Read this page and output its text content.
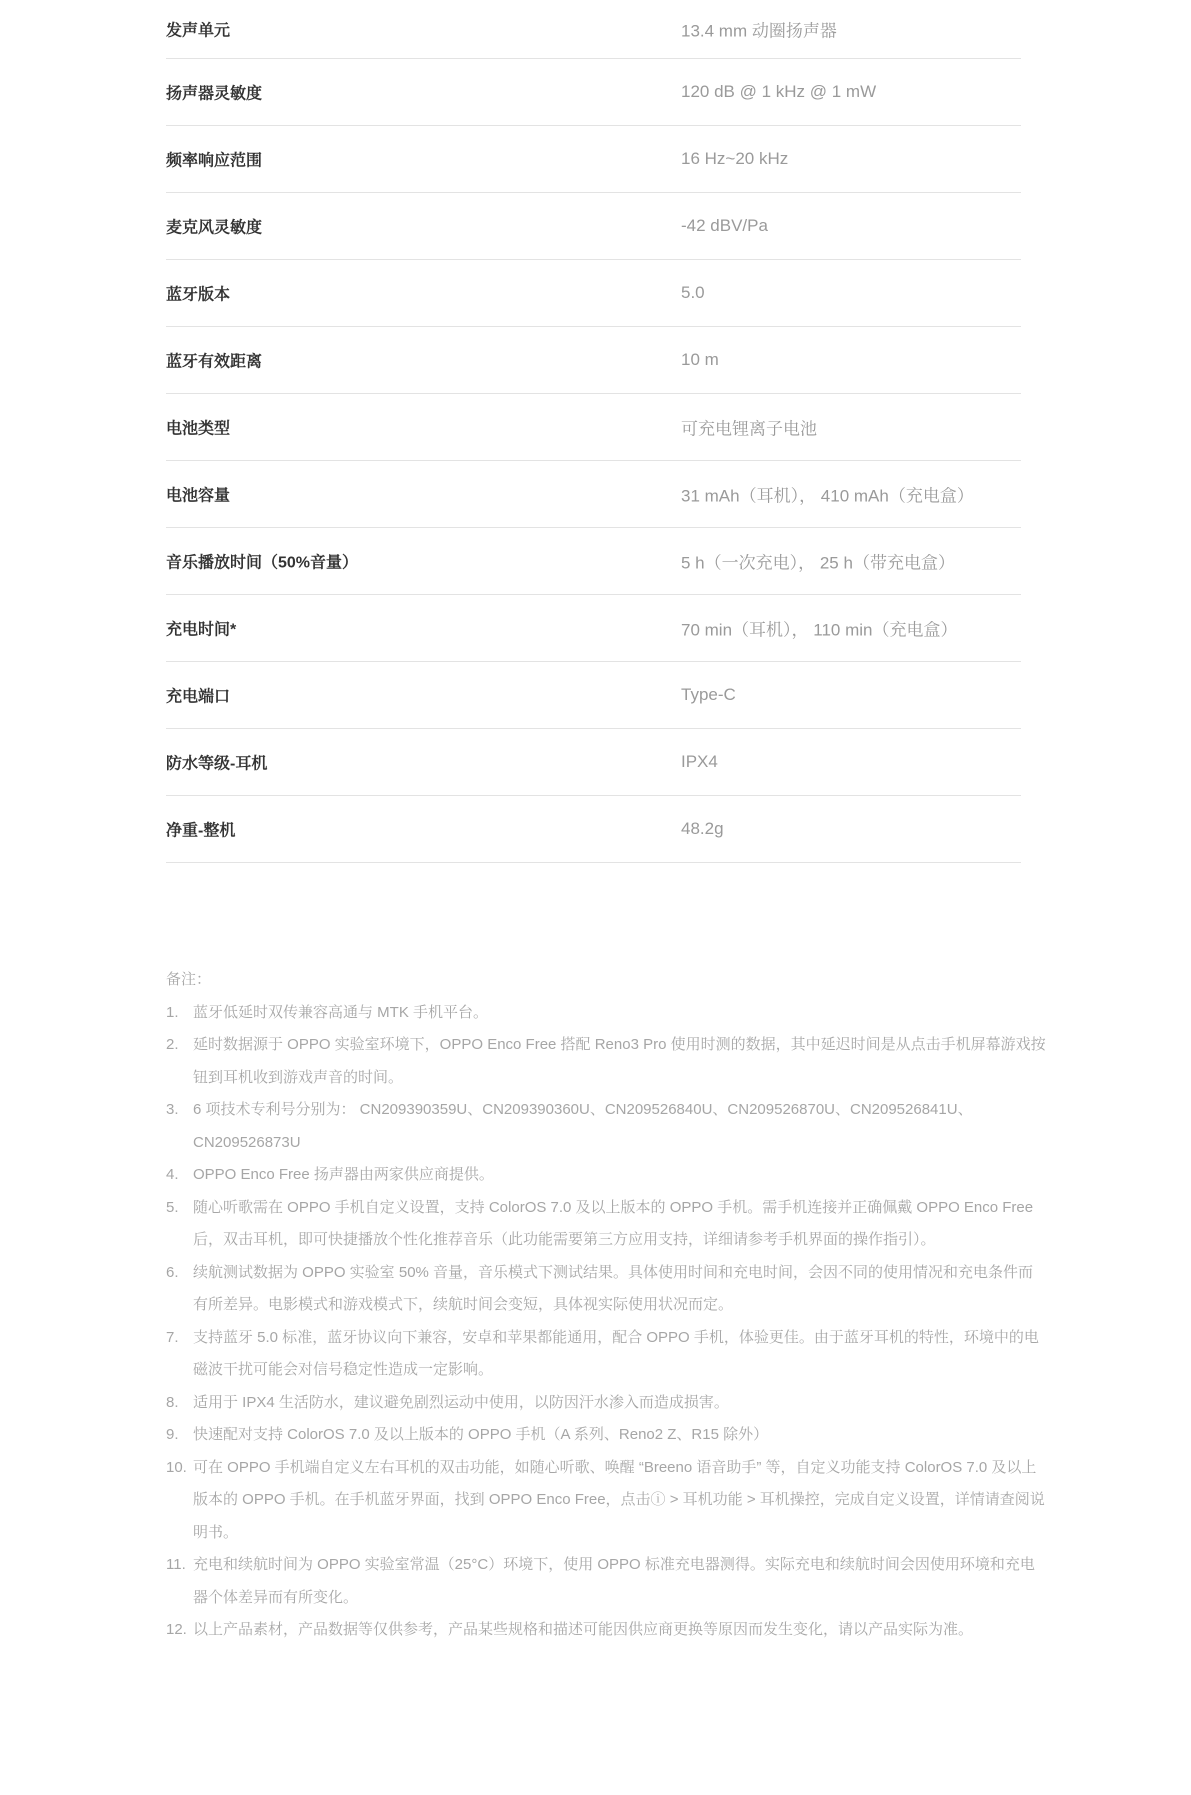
发声单元	13.4 mm 动圈扬声器
扬声器灵敏度	120 dB @ 1 kHz @ 1 mW
频率响应范围	16 Hz~20 kHz
麦克风灵敏度	-42 dBV/Pa
蓝牙版本	5.0
蓝牙有效距离	10 m
电池类型	可充电锂离子电池
电池容量	31 mAh（耳机）， 410 mAh（充电盒）
音乐播放时间（50%音量）	5 h（一次充电）， 25 h（带充电盒）
充电时间*	70 min（耳机）， 110 min（充电盒）
充电端口	Type-C
防水等级-耳机	IPX4
净重-整机	48.2g
备注：
1. 蓝牙低延时双传兼容高通与 MTK 手机平台。
2. 延时数据源于 OPPO 实验室环境下，OPPO Enco Free 搭配 Reno3 Pro 使用时测的数据，其中延迟时间是从点击手机屏幕游戏按钮到耳机收到游戏声音的时间。
3. 6 项技术专利号分别为： CN209390359U、CN209390360U、CN209526840U、CN209526870U、CN209526841U、CN209526873U
4. OPPO Enco Free 扬声器由两家供应商提供。
5. 随心听歌需在 OPPO 手机自定义设置，支持 ColorOS 7.0 及以上版本的 OPPO 手机。需手机连接并正确佩戴 OPPO Enco Free 后，双击耳机，即可快捷播放个性化推荐音乐（此功能需要第三方应用支持，详细请参考手机界面的操作指引）。
6. 续航测试数据为 OPPO 实验室 50% 音量，音乐模式下测试结果。具体使用时间和充电时间，会因不同的使用情况和充电条件而有所差异。电影模式和游戏模式下，续航时间会变短，具体视实际使用状况而定。
7. 支持蓝牙 5.0 标准，蓝牙协议向下兼容，安卓和苹果都能通用，配合 OPPO 手机，体验更佳。由于蓝牙耳机的特性，环境中的电磁波干扰可能会对信号稳定性造成一定影响。
8. 适用于 IPX4 生活防水，建议避免剧烈运动中使用，以防因汗水渗入而造成损害。
9. 快速配对支持 ColorOS 7.0 及以上版本的 OPPO 手机（A 系列、Reno2 Z、R15 除外）
10. 可在 OPPO 手机端自定义左右耳机的双击功能，如随心听歌、唤醒 “Breeno 语音助手” 等，自定义功能支持 ColorOS 7.0 及以上版本的 OPPO 手机。在手机蓝牙界面，找到 OPPO Enco Free，点击ⓘ > 耳机功能 > 耳机操控，完成自定义设置，详情请查阅说明书。
11. 充电和续航时间为 OPPO 实验室常温（25°C）环境下，使用 OPPO 标准充电器测得。实际充电和续航时间会因使用环境和充电器个体差异而有所变化。
12. 以上产品素材，产品数据等仅供参考，产品某些规格和描述可能因供应商更换等原因而发生变化，请以产品实际为准。
